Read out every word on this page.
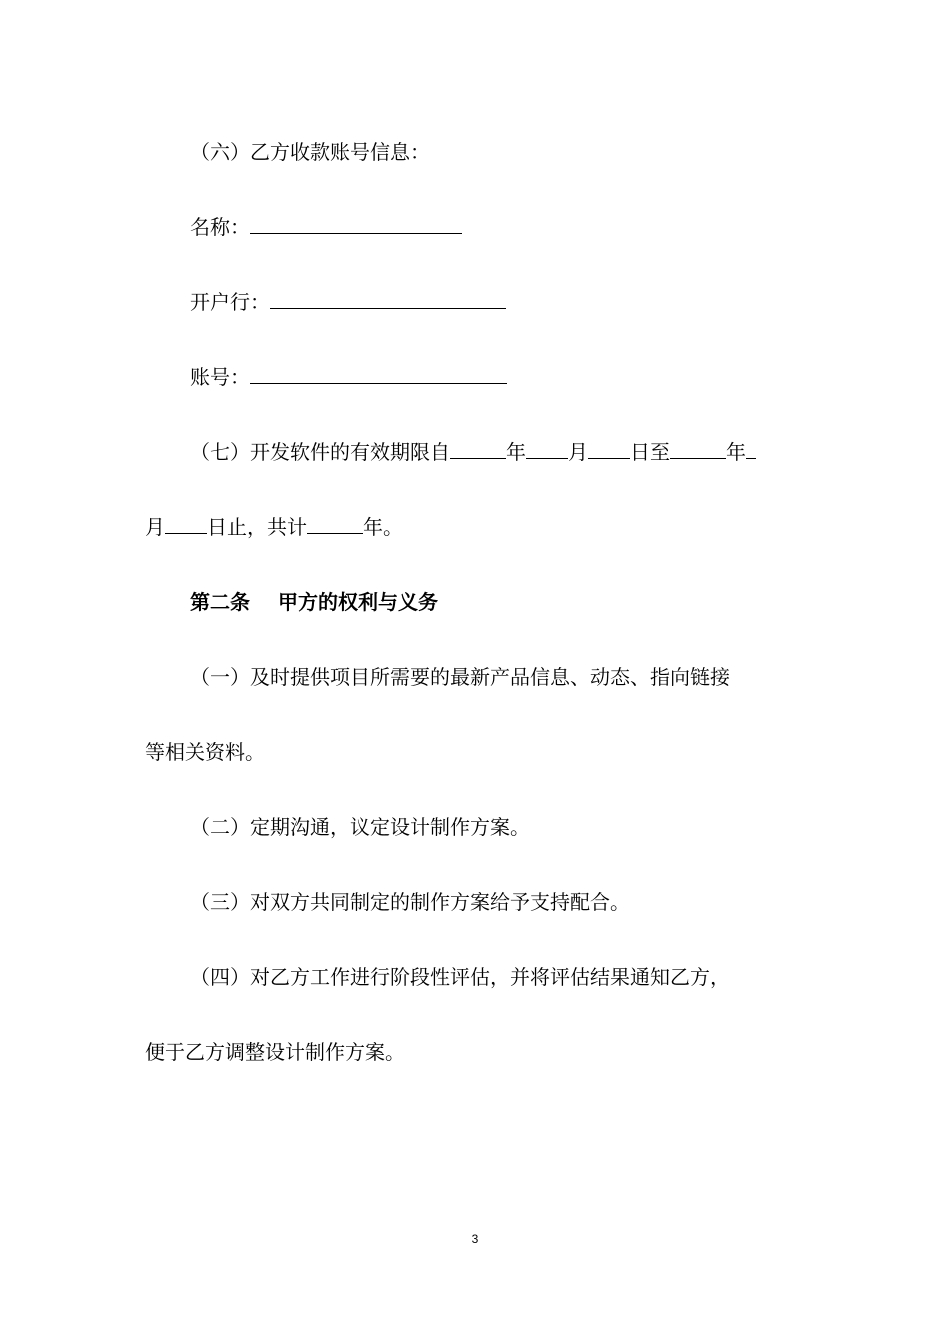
（六）乙方收款账号信息：
名称：
开户行：
账号：
（七）开发软件的有效期限自	年 月 日至	年
月 日止，共计	年。
第二条 甲方的权利与义务
（一）及时提供项目所需要的最新产品信息、动态、指向链接
等相关资料。
（二）定期沟通，议定设计制作方案。
（三）对双方共同制定的制作方案给予支持配合。
（四）对乙方工作进行阶段性评估，并将评估结果通知乙方，
便于乙方调整设计制作方案。
3
